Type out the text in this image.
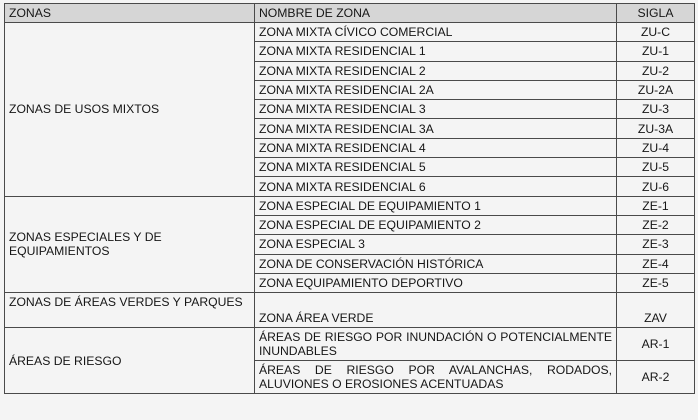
ZONAS	NOMBRE DE ZONA	SIGLA
ZONAS DE USOS MIXTOS	ZONA MIXTA CÍVICO COMERCIAL	ZU-C
	ZONA MIXTA RESIDENCIAL 1	ZU-1
	ZONA MIXTA RESIDENCIAL 2	ZU-2
	ZONA MIXTA RESIDENCIAL 2A	ZU-2A
	ZONA MIXTA RESIDENCIAL 3	ZU-3
	ZONA MIXTA RESIDENCIAL 3A	ZU-3A
	ZONA MIXTA RESIDENCIAL 4	ZU-4
	ZONA MIXTA RESIDENCIAL 5	ZU-5
	ZONA MIXTA RESIDENCIAL 6	ZU-6
ZONAS ESPECIALES Y DE EQUIPAMIENTOS	ZONA ESPECIAL DE EQUIPAMIENTO 1	ZE-1
	ZONA ESPECIAL DE EQUIPAMIENTO 2	ZE-2
	ZONA ESPECIAL 3	ZE-3
	ZONA DE CONSERVACIÓN HISTÓRICA	ZE-4
	ZONA EQUIPAMIENTO DEPORTIVO	ZE-5
ZONAS DE ÁREAS VERDES Y PARQUES	ZONA ÁREA VERDE	ZAV
ÁREAS DE RIESGO	ÁREAS DE RIESGO POR INUNDACIÓN O POTENCIALMENTE INUNDABLES	AR-1
	ÁREAS DE RIESGO POR AVALANCHAS, RODADOS, ALUVIONES O EROSIONES ACENTUADAS	AR-2
